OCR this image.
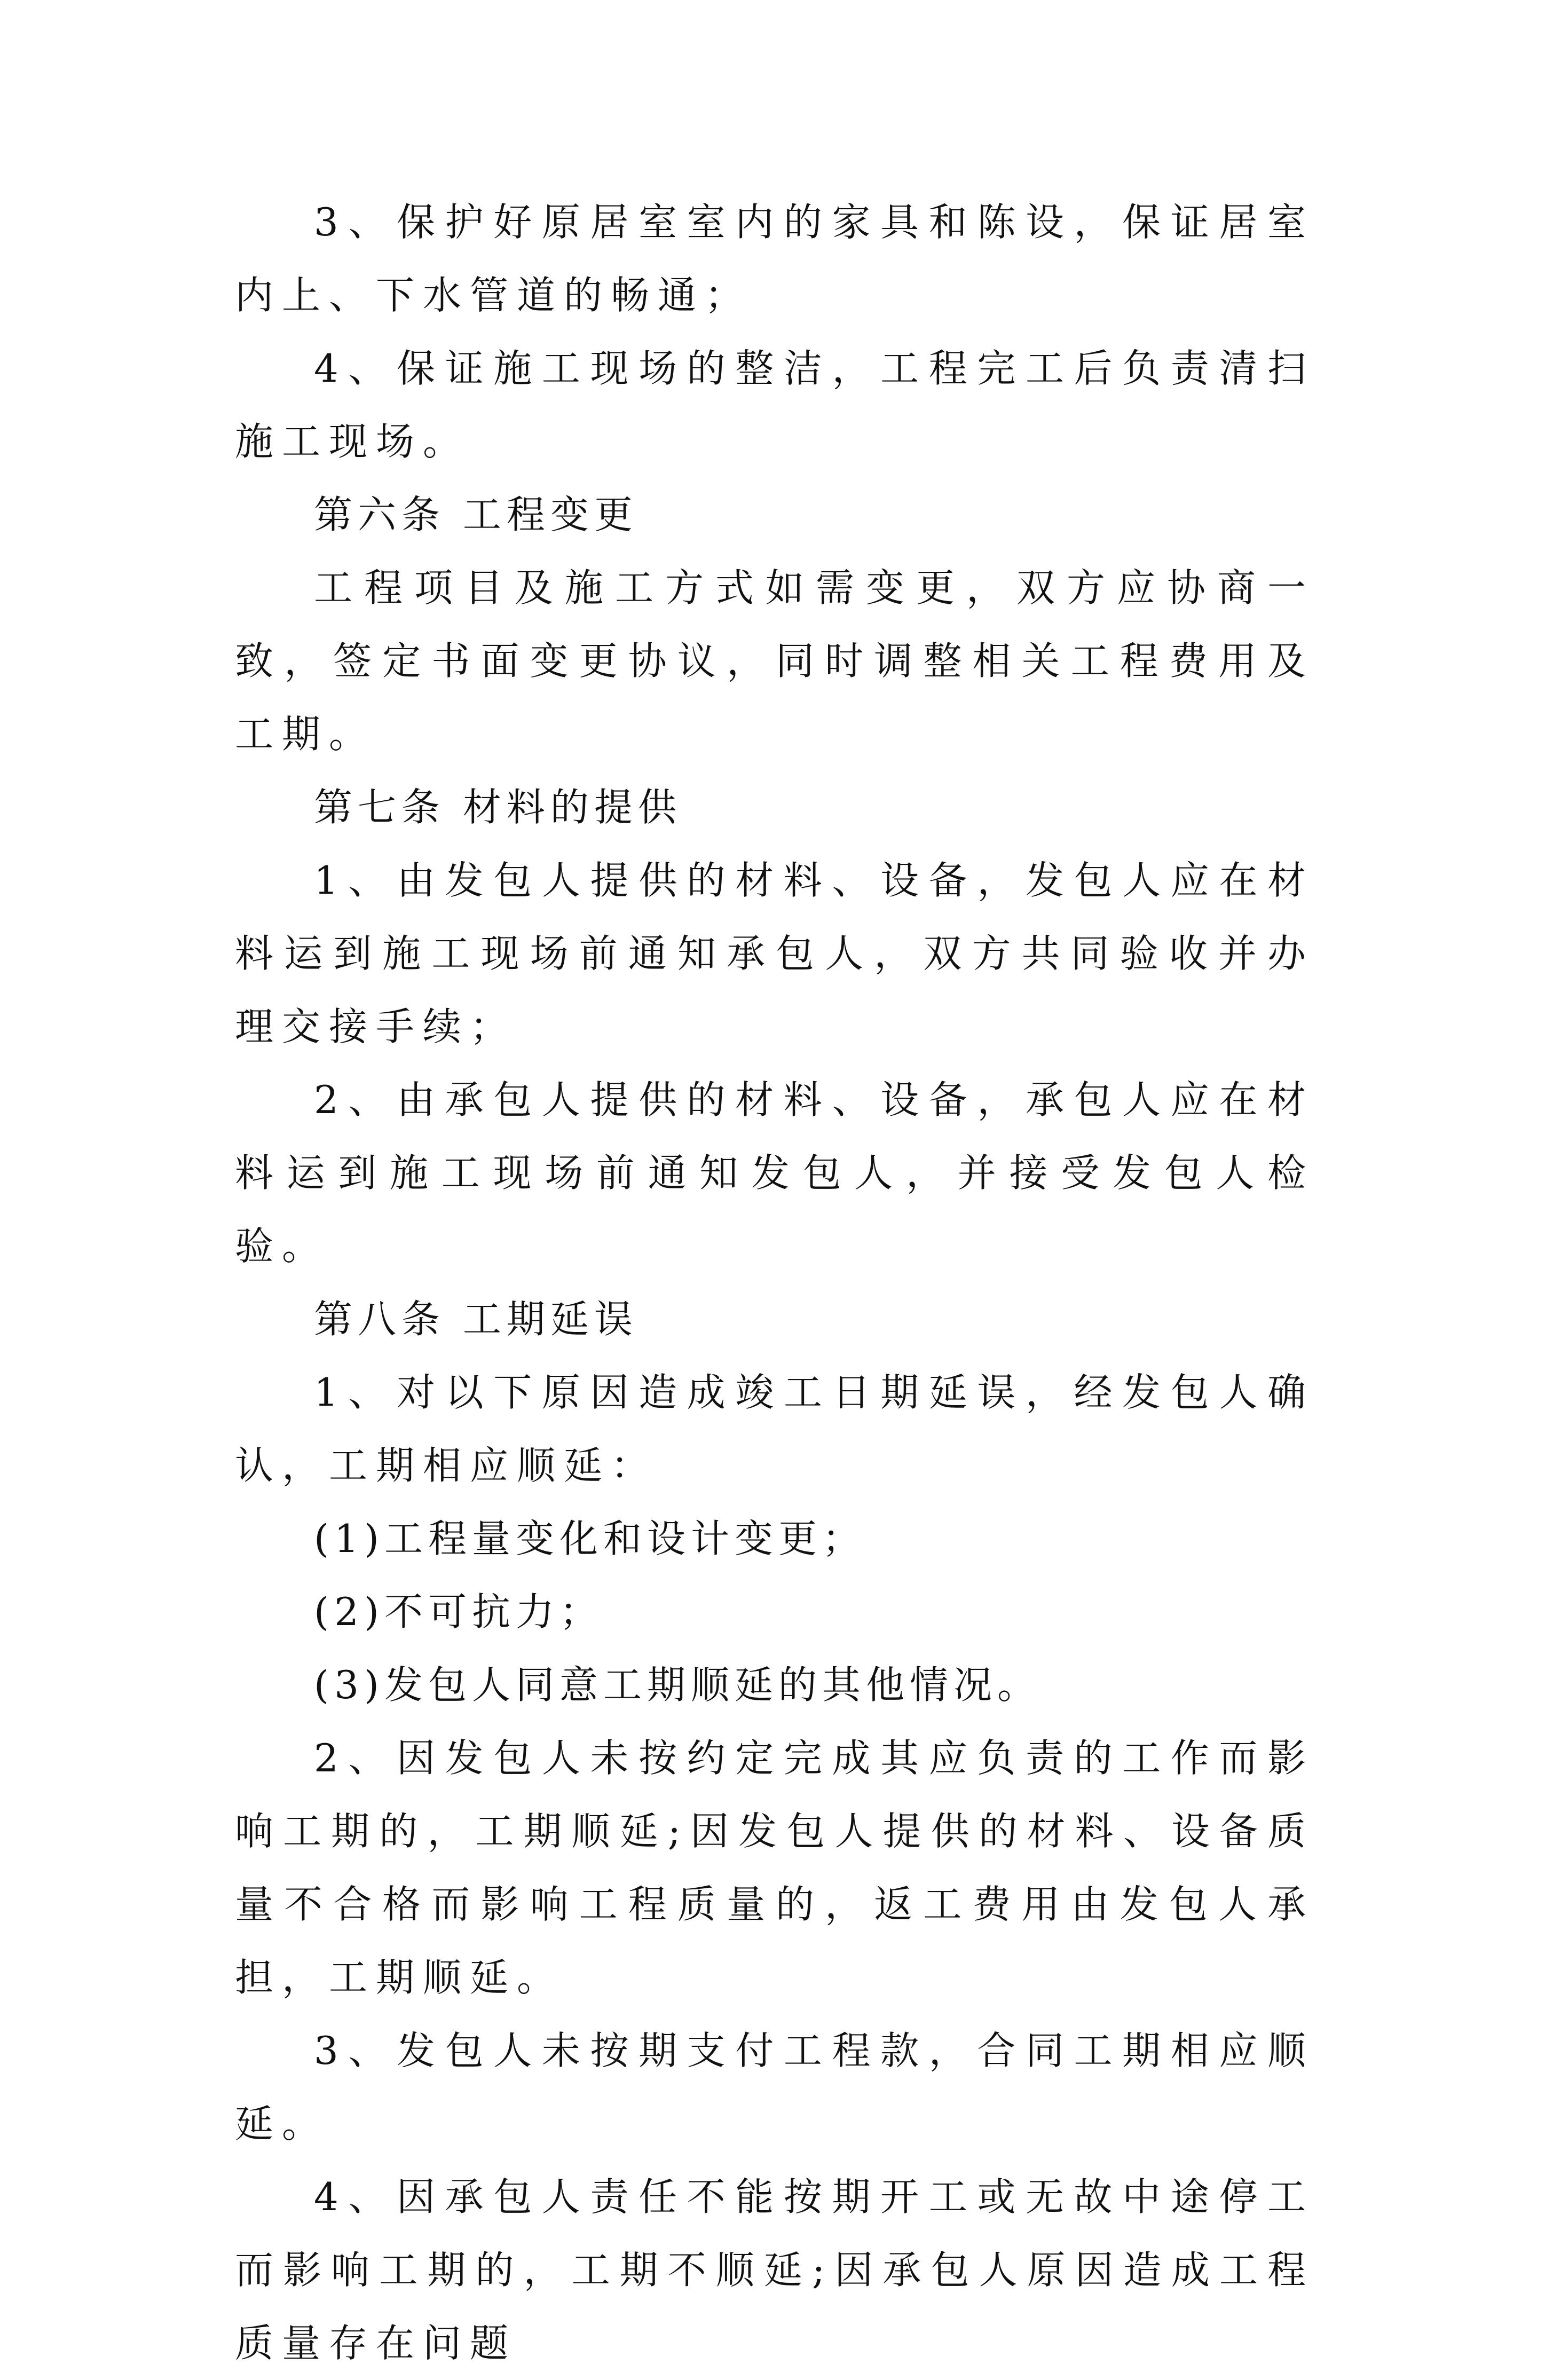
3、保护好原居室室内的家具和陈设，保证居室内上、下水管道的畅通；

4、保证施工现场的整洁，工程完工后负责清扫施工现场。

第六条 工程变更

工程项目及施工方式如需变更，双方应协商一致，签定书面变更协议，同时调整相关工程费用及工期。

第七条 材料的提供

1、由发包人提供的材料、设备，发包人应在材料运到施工现场前通知承包人，双方共同验收并办理交接手续；

2、由承包人提供的材料、设备，承包人应在材料运到施工现场前通知发包人，并接受发包人检验。

第八条 工期延误

1、对以下原因造成竣工日期延误，经发包人确认，工期相应顺延：

(1)工程量变化和设计变更；

(2)不可抗力；

(3)发包人同意工期顺延的其他情况。

2、因发包人未按约定完成其应负责的工作而影响工期的，工期顺延;因发包人提供的材料、设备质量不合格而影响工程质量的，返工费用由发包人承担，工期顺延。

3、发包人未按期支付工程款，合同工期相应顺延。

4、因承包人责任不能按期开工或无故中途停工而影响工期的，工期不顺延;因承包人原因造成工程质量存在问题
